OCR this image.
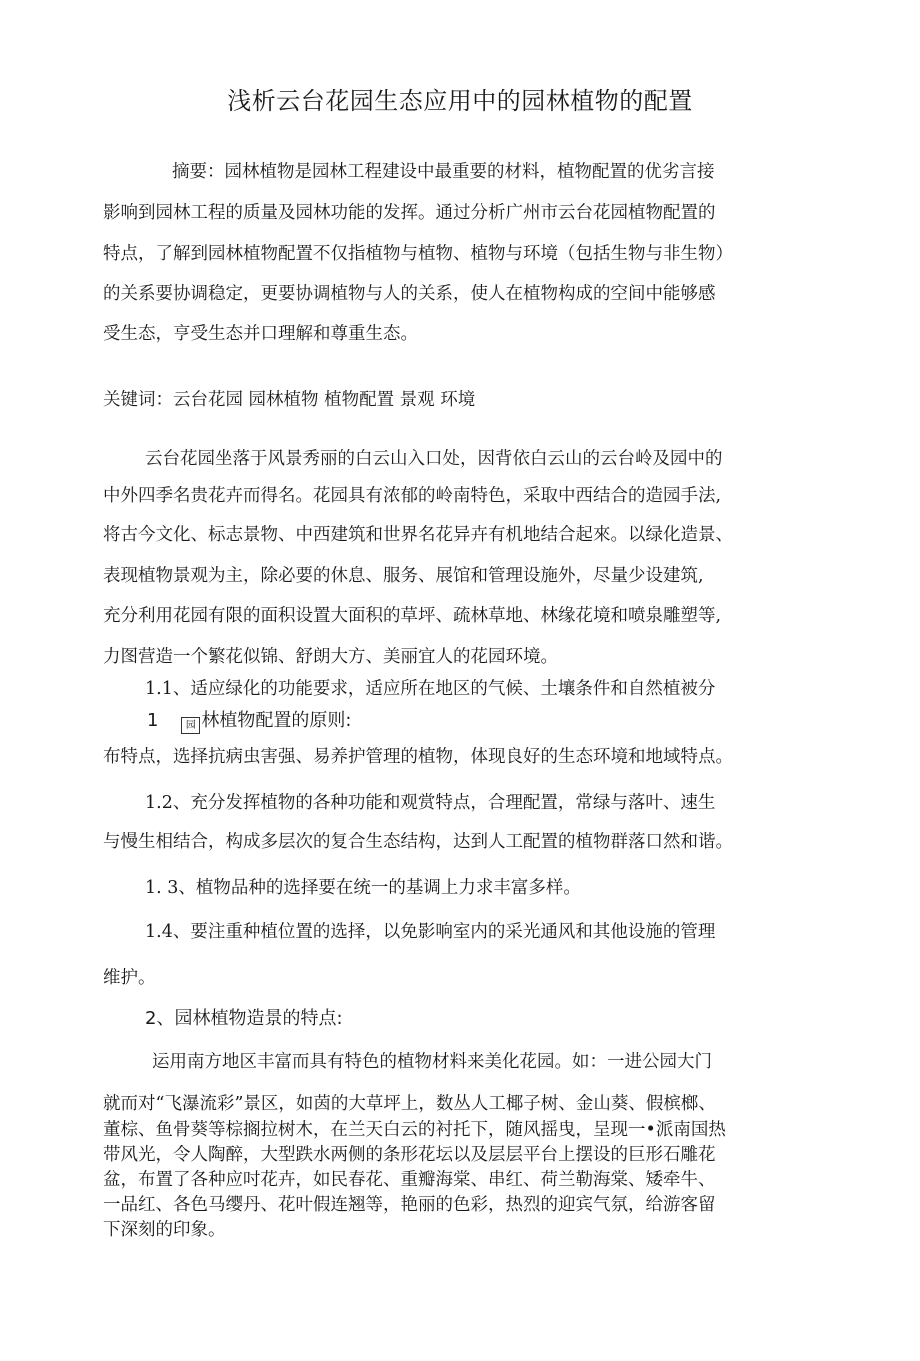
浅析云台花园生态应用中的园林植物的配置

摘要：园林植物是园林工程建设中最重要的材料，植物配置的优劣言接

影响到园林工程的质量及园林功能的发挥。通过分析广州市云台花园植物配置的

特点，了解到园林植物配置不仅指植物与植物、植物与环境（包括生物与非生物）

的关系要协调稳定，更要协调植物与人的关系，使人在植物构成的空间中能够感

受生态，亨受生态并口理解和尊重生态。

关键词：云台花园 园林植物 植物配置 景观 环境

云台花园坐落于风景秀丽的白云山入口处，因背依白云山的云台岭及园中的

中外四季名贵花卉而得名。花园具有浓郁的岭南特色，采取中西结合的造园手法,

将古今文化、标志景物、中西建筑和世界名花异卉有机地结合起來。以绿化造景、

表现植物景观为主，除必要的休息、服务、展馆和管理设施外，尽量少设建筑,

充分利用花园有限的面积设置大面积的草坪、疏林草地、林缘花境和喷泉雕塑等,

力图营造一个繁花似锦、舒朗大方、美丽宜人的花园环境。

1.1、适应绿化的功能要求，适应所在地区的气候、土壤条件和自然植被分

1	园 林植物配置的原则:

布特点，选择抗病虫害强、易养护管理的植物，体现良好的生态环境和地域特点。

1.2、充分发挥植物的各种功能和观赏特点，合理配置，常绿与落叶、速生

与慢生相结合，构成多层次的复合生态结构，达到人工配置的植物群落口然和谐。

1. 3、植物品种的选择要在统一的基调上力求丰富多样。

1.4、要注重种植位置的选择，以免影响室内的采光通风和其他设施的管理

维护。

2、园林植物造景的特点:

运用南方地区丰富而具有特色的植物材料来美化花园。如：一进公园大门

就而对“飞瀑流彩”景区，如茵的大草坪上，数丛人工椰子树、金山葵、假槟榔、

董棕、鱼骨葵等棕搁拉树木，在兰天白云的衬托下，随风摇曳，呈现一•派南国热

带风光，令人陶醉，大型跌水两侧的条形花坛以及层层平台上摆设的巨形石雕花

盆，布置了各种应吋花卉，如民春花、重瓣海棠、串红、荷兰勒海棠、矮牵牛、

一品红、各色马缨丹、花叶假连翘等，艳丽的色彩，热烈的迎宾气氛，给游客留

下深刻的印象。
